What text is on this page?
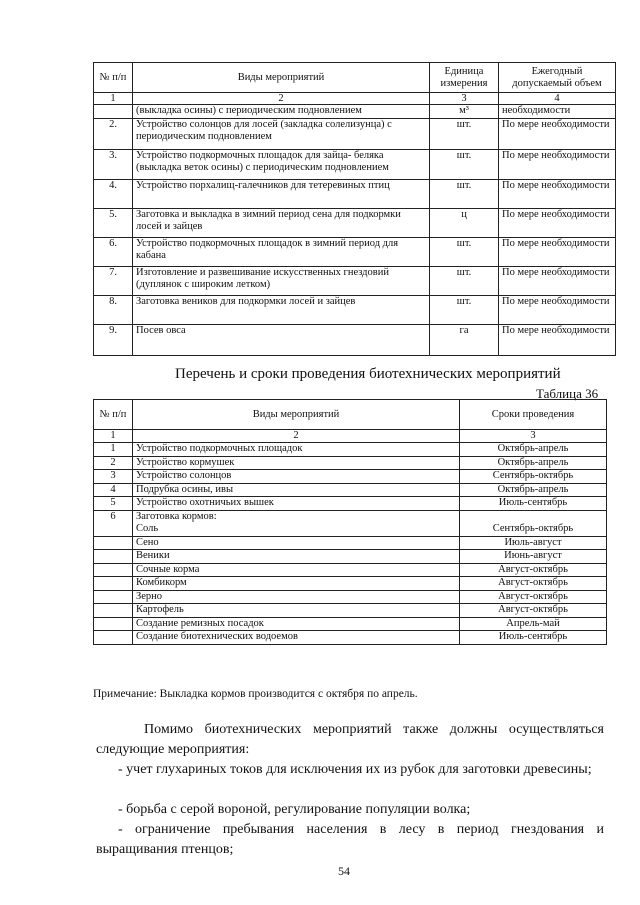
№ п/п	Виды мероприятий	Единица измерения	Ежегодный допускаемый объем
1	2	3	4
	(выкладка осины) с периодическим подновлением	м³	необходимости
2.	Устройство солонцов для лосей (закладка солелизунца) с периодическим подновлением	шт.	По мере необходимости
3.	Устройство подкормочных площадок для зайца- беляка (выкладка веток осины) с периодическим подновлением	шт.	По мере необходимости
4.	Устройство порхалищ-галечников для тетеревиных птиц	шт.	По мере необходимости
5.	Заготовка и выкладка в зимний период сена для подкормки лосей и зайцев	ц	По мере необходимости
6.	Устройство подкормочных площадок в зимний период для кабана	шт.	По мере необходимости
7.	Изготовление и развешивание искусственных гнездовий (дуплянок с широким летком)	шт.	По мере необходимости
8.	Заготовка веников для подкормки лосей и зайцев	шт.	По мере необходимости
9.	Посев овса	га	По мере необходимости
Перечень и сроки проведения биотехнических мероприятий
Таблица 36
№ п/п	Виды мероприятий	Сроки проведения
1	2	3
1	Устройство подкормочных площадок	Октябрь-апрель
2	Устройство кормушек	Октябрь-апрель
3	Устройство солонцов	Сентябрь-октябрь
4	Подрубка осины, ивы	Октябрь-апрель
5	Устройство охотничьих вышек	Июль-сентябрь
6	Заготовка кормов:	
	Соль	Сентябрь-октябрь
	Сено	Июль-август
	Веники	Июнь-август
	Сочные корма	Август-октябрь
	Комбикорм	Август-октябрь
	Зерно	Август-октябрь
	Картофель	Август-октябрь
	Создание ремизных посадок	Апрель-май
	Создание биотехнических водоемов	Июль-сентябрь
Примечание: Выкладка кормов производится с октября по апрель.
Помимо биотехнических мероприятий также должны осуществляться следующие мероприятия:
- учет глухариных токов для исключения их из рубок для заготовки древесины;
- борьба с серой вороной, регулирование популяции волка;
- ограничение пребывания населения в лесу в период гнездования и выращивания птенцов;
54
